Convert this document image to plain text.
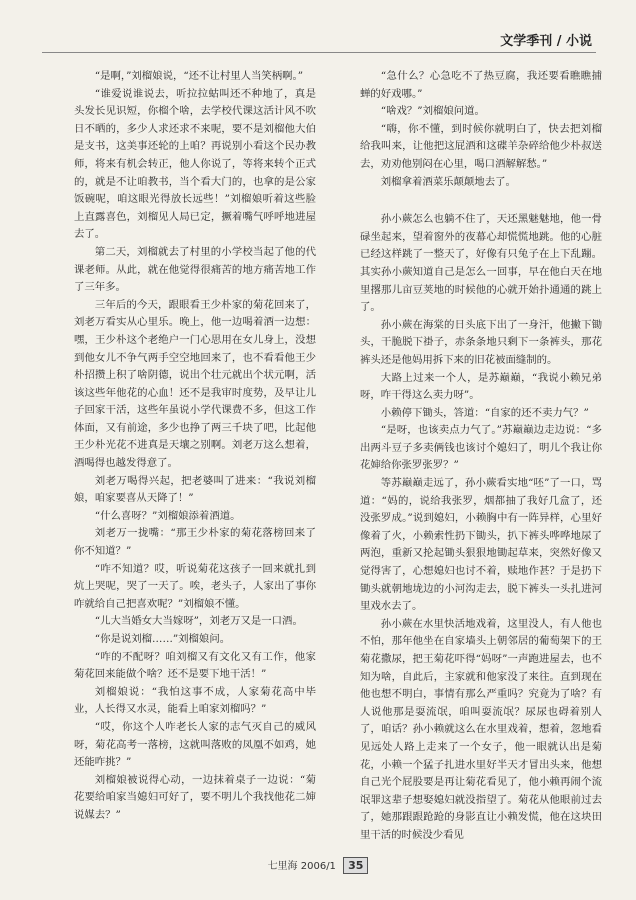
文学季刊 / 小说

“是啊，”刘榴娘说，“还不让村里人当笑柄啊。”

“谁爱说谁说去，听拉拉蛄叫还不种地了，真是头发长见识短，你榴个啥，去学校代课这活计风不吹日不晒的，多少人求还求不来呢，要不是刘榴他大伯是支书，这美事还轮的上咱？再说别小看这个民办教师，将来有机会转正，他人你说了，等将来转个正式的，就是不让咱教书，当个看大门的，也拿的是公家饭碗呢，咱这眼光得放长远些！”刘榴娘听着这些脸上直露喜色，刘榴见人局已定，撅着嘴气呼呼地进屋去了。

第二天，刘榴就去了村里的小学校当起了他的代课老师。从此，就在他觉得很痛苦的地方痛苦地工作了三年多。

三年后的今天，跟眼看王少朴家的菊花回来了，刘老万看实从心里乐。晚上，他一边喝着酒一边想：嘿，王少朴这个老绝户一门心思用在女儿身上，没想到他女儿不争气两手空空地回来了，也不看看他王少朴招攒上积了啥阴德，说出个壮元就出个状元啊，活该这些年他花的心血！还不是我审时度势，及早让儿子回家干活，这些年虽说小学代课费不多，但这工作体面，又有前途，多少也挣了两三千块了吧，比起他王少朴光花不进真是天壤之别啊。刘老万这么想着，酒喝得也越发得意了。

刘老万喝得兴起，把老婆叫了进来：“我说刘榴娘，咱家要喜从天降了！”

“什么喜呀？”刘榴娘添着酒道。

刘老万一拢嘴：“那王少朴家的菊花落榜回来了你不知道？”

“咋不知道？哎，听说菊花这孩子一回来就扎到炕上哭呢，哭了一天了。唉，老头子，人家出了事你咋就给自己把喜欢呢？”刘榴娘不懂。

“儿大当婚女大当嫁呀”，刘老万又是一口酒。

“你是说刘榴……”刘榴娘问。

“咋的不配呀？咱刘榴又有文化又有工作，他家菊花回来能做个啥？还不是要下地干活！”

刘榴娘说：“我怕这事不成，人家菊花高中毕业，人长得又水灵，能看上咱家刘榴吗？”

“哎，你这个人咋老长人家的志气灭自己的威风呀，菊花高考一落榜，这就叫落败的凤凰不如鸡，她还能咋挑？”

刘榴娘被说得心动，一边抹着桌子一边说：“菊花要给咱家当媳妇可好了，要不明儿个我找他花二婶说媒去？”

“急什么？心急吃不了热豆腐，我还要看瞧瞧捕蝉的好戏哪。”

“啥戏？”刘榴娘问道。

“嗨，你不懂，到时候你就明白了，快去把刘榴给我叫来，让他把这屁酒和这碟羊杂碎给他少朴叔送去，劝劝他别闷在心里，喝口酒解解愁。”

刘榴拿着酒菜乐颠颠地去了。

孙小蕨怎么也躺不住了，天还黑魅魅地，他一骨碌坐起来，望着窗外的夜幕心却慌慌地跳。他的心脏已经这样跳了一整天了，好像有只兔子在上下乱蹦。其实孙小蕨知道自己是怎么一回事，早在他白天在地里撂那儿亩豆荚地的时候他的心就开始扑通通的跳上了。

孙小蕨在海棠的日头底下出了一身汗，他撇下锄头，干脆脱下褂子，赤条条地只剩下一条裤头，那花裤头还是他妈用拆下来的旧花被面缝制的。

大路上过来一个人，是苏巅巅，“我说小赖兄弟呀，咋干得这么卖力呀”。

小赖停下锄头，答道：“自家的还不卖力气？”

“是呀，也该卖点力气了。”苏巅巅边走边说：“多出两斗豆子多卖俩钱也该讨个媳妇了，明儿个我让你花婶给你张罗张罗？”

等苏巅巅走远了，孙小蕨看实地“呸”了一口，骂道：“妈的，说给我张罗，烟都抽了我好几盒了，还没张罗成。”说到媳妇，小赖胸中有一阵异样，心里好像着了火，小赖索性扔下锄头，扒下裤头哗哗地尿了两泡，重新又抡起锄头狠狠地锄起草来，突然好像又觉得害了，心想媳妇也讨不着，赎地作甚？于是扔下锄头就朝地垅边的小河沟走去，脱下裤头一头扎进河里戏水去了。

孙小蕨在水里快活地戏着，这里没人，有人他也不怕，那年他坐在自家墙头上朝邻居的葡萄架下的王菊花撒尿，把王菊花吓得“妈呀”一声跑进屋去，也不知为啥，自此后，主家就和他家没了来往。直到现在他也想不明白，事情有那么严重吗？究竟为了啥？有人说他那是耍流氓，咱叫耍流氓？尿尿也碍着别人了，咱话？孙小赖就这么在水里戏着，想着，忽地看见远处人路上走来了一个女子，他一眼就认出是菊花，小赖一个猛子扎进水里好半天才冒出头来，他想自己光个屁股要是再让菊花看见了，他小赖再闹个流氓罪这辈子想娶媳妇就没指望了。菊花从他眼前过去了，她那跟跟跄跄的身影直让小赖发慌，他在这块田里干活的时候没少看见

七里海 2006/1 35
